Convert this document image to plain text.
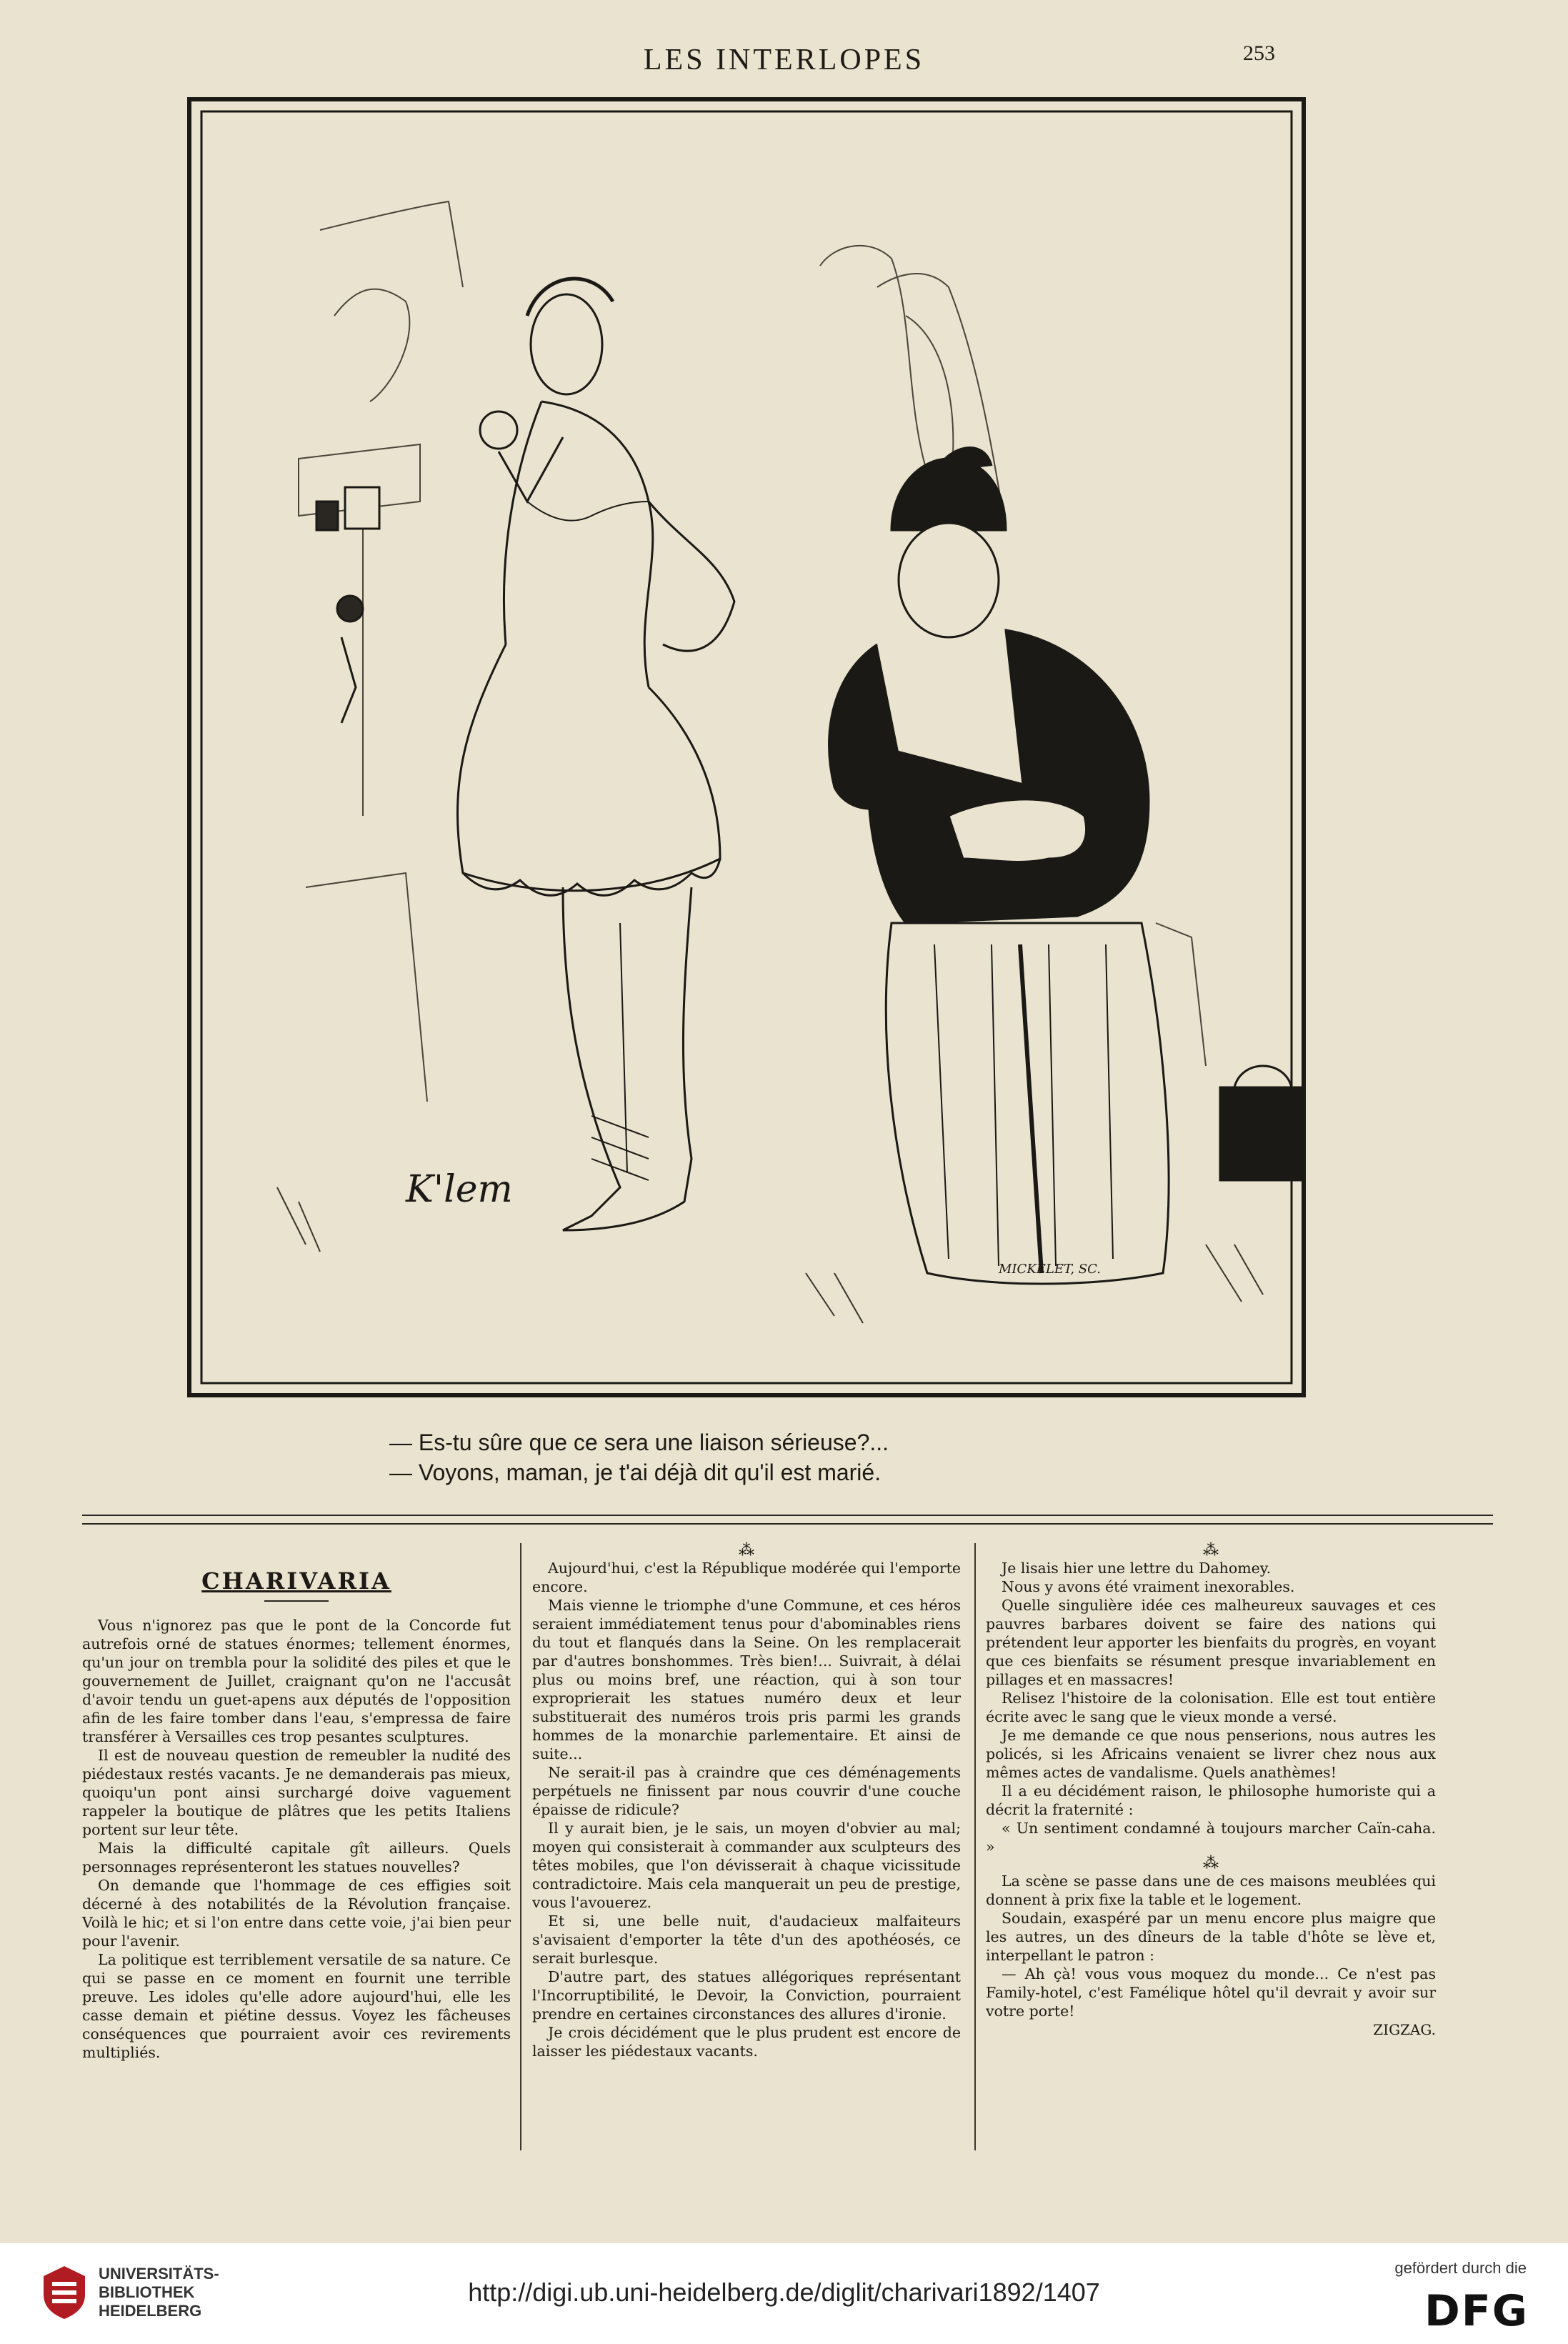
LES INTERLOPES	253
K'lem
MICKELET, SC.
— Es-tu sûre que ce sera une liaison sérieuse?...
— Voyons, maman, je t'ai déjà dit qu'il est marié.
CHARIVARIA

Vous n'ignorez pas que le pont de la Concorde fut autrefois orné de statues énormes; tellement énormes, qu'un jour on trembla pour la solidité des piles et que le gouvernement de Juillet, craignant qu'on ne l'accusât d'avoir tendu un guet-apens aux députés de l'opposition afin de les faire tomber dans l'eau, s'empressa de faire transférer à Versailles ces trop pesantes sculptures.

Il est de nouveau question de remeubler la nudité des piédestaux restés vacants. Je ne demanderais pas mieux, quoiqu'un pont ainsi surchargé doive vaguement rappeler la boutique de plâtres que les petits Italiens portent sur leur tête.

Mais la difficulté capitale gît ailleurs. Quels personnages représenteront les statues nouvelles?

On demande que l'hommage de ces effigies soit décerné à des notabilités de la Révolution française. Voilà le hic; et si l'on entre dans cette voie, j'ai bien peur pour l'avenir.

La politique est terriblement versatile de sa nature. Ce qui se passe en ce moment en fournit une terrible preuve. Les idoles qu'elle adore aujourd'hui, elle les casse demain et piétine dessus. Voyez les fâcheuses conséquences que pourraient avoir ces revirements multipliés.

⁂

Aujourd'hui, c'est la République modérée qui l'emporte encore.

Mais vienne le triomphe d'une Commune, et ces héros seraient immédiatement tenus pour d'abominables riens du tout et flanqués dans la Seine. On les remplacerait par d'autres bonshommes. Très bien!... Suivrait, à délai plus ou moins bref, une réaction, qui à son tour exproprierait les statues numéro deux et leur substituerait des numéros trois pris parmi les grands hommes de la monarchie parlementaire. Et ainsi de suite...

Ne serait-il pas à craindre que ces déménagements perpétuels ne finissent par nous couvrir d'une couche épaisse de ridicule?

Il y aurait bien, je le sais, un moyen d'obvier au mal; moyen qui consisterait à commander aux sculpteurs des têtes mobiles, que l'on dévisserait à chaque vicissitude contradictoire. Mais cela manquerait un peu de prestige, vous l'avouerez.

Et si, une belle nuit, d'audacieux malfaiteurs s'avisaient d'emporter la tête d'un des apothéosés, ce serait burlesque.

D'autre part, des statues allégoriques représentant l'Incorruptibilité, le Devoir, la Conviction, pourraient prendre en certaines circonstances des allures d'ironie.

Je crois décidément que le plus prudent est encore de laisser les piédestaux vacants.

⁂

Je lisais hier une lettre du Dahomey.

Nous y avons été vraiment inexorables.

Quelle singulière idée ces malheureux sauvages et ces pauvres barbares doivent se faire des nations qui prétendent leur apporter les bienfaits du progrès, en voyant que ces bienfaits se résument presque invariablement en pillages et en massacres!

Relisez l'histoire de la colonisation. Elle est tout entière écrite avec le sang que le vieux monde a versé.

Je me demande ce que nous penserions, nous autres les policés, si les Africains venaient se livrer chez nous aux mêmes actes de vandalisme. Quels anathèmes!

Il a eu décidément raison, le philosophe humoriste qui a décrit la fraternité :

« Un sentiment condamné à toujours marcher Caïn-caha. »

⁂

La scène se passe dans une de ces maisons meublées qui donnent à prix fixe la table et le logement.

Soudain, exaspéré par un menu encore plus maigre que les autres, un des dîneurs de la table d'hôte se lève et, interpellant le patron :

— Ah çà! vous vous moquez du monde... Ce n'est pas Family-hotel, c'est Famélique hôtel qu'il devrait y avoir sur votre porte!

ZIGZAG.

UNIVERSITÄTS-
BIBLIOTHEK
HEIDELBERG
http://digi.ub.uni-heidelberg.de/diglit/charivari1892/1407
gefördert durch die
DFG
